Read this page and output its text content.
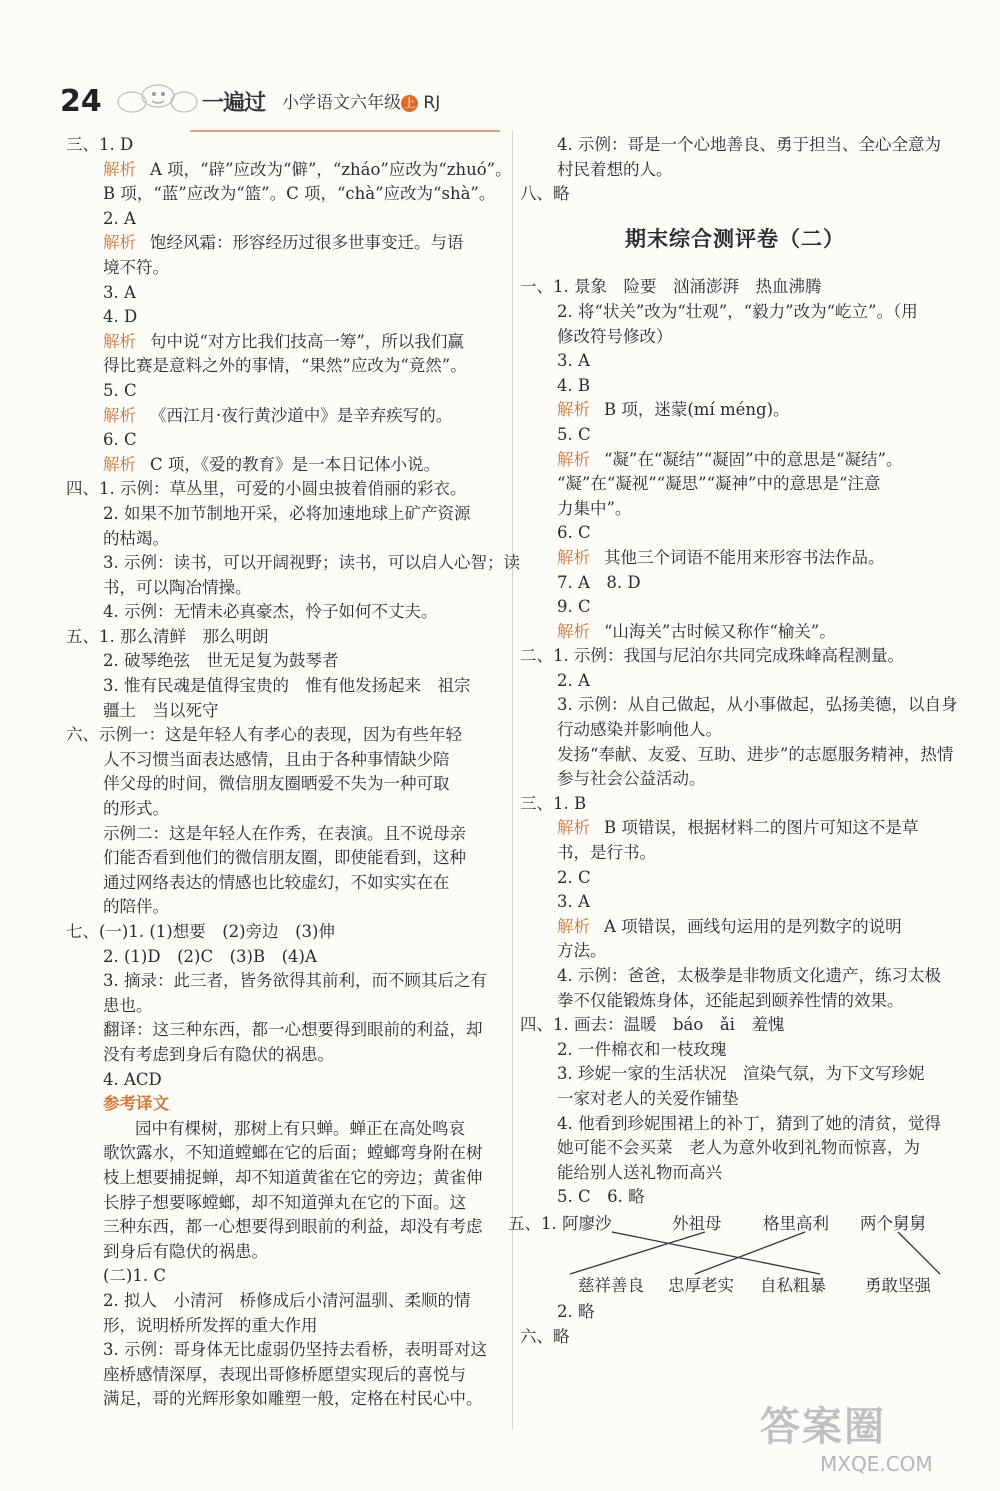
24	一遍过 小学语文六年级 上 RJ
三、1. D
解析 A 项，“辟”应改为“僻”，“zháo”应改为“zhuó”。
B 项，“蓝”应改为“篮”。C 项，“chà”应改为“shà”。
2. A
解析 饱经风霜：形容经历过很多世事变迁。与语
境不符。
3. A
4. D
解析 句中说“对方比我们技高一筹”，所以我们赢
得比赛是意料之外的事情，“果然”应改为“竟然”。
5. C
解析 《西江月·夜行黄沙道中》是辛弃疾写的。
6. C
解析 C 项，《爱的教育》是一本日记体小说。
四、1. 示例：草丛里，可爱的小圆虫披着俏丽的彩衣。
2. 如果不加节制地开采，必将加速地球上矿产资源
的枯竭。
3. 示例：读书，可以开阔视野；读书，可以启人心智；读
书，可以陶冶情操。
4. 示例：无情未必真豪杰，怜子如何不丈夫。
五、1. 那么清鲜　那么明朗
2. 破琴绝弦　世无足复为鼓琴者
3. 惟有民魂是值得宝贵的　惟有他发扬起来　祖宗
疆土　当以死守
六、示例一：这是年轻人有孝心的表现，因为有些年轻
人不习惯当面表达感情，且由于各种事情缺少陪
伴父母的时间，微信朋友圈晒爱不失为一种可取
的形式。
示例二：这是年轻人在作秀，在表演。且不说母亲
们能否看到他们的微信朋友圈，即使能看到，这种
通过网络表达的情感也比较虚幻，不如实实在在
的陪伴。
七、(一)1. (1)想要　(2)旁边　(3)伸
2. (1)D　(2)C　(3)B　(4)A
3. 摘录：此三者，皆务欲得其前利，而不顾其后之有
患也。
翻译：这三种东西，都一心想要得到眼前的利益，却
没有考虑到身后有隐伏的祸患。
4. ACD
参考译文
园中有棵树，那树上有只蝉。蝉正在高处鸣哀
歌饮露水，不知道螳螂在它的后面；螳螂弯身附在树
枝上想要捕捉蝉，却不知道黄雀在它的旁边；黄雀伸
长脖子想要啄螳螂，却不知道弹丸在它的下面。这
三种东西，都一心想要得到眼前的利益，却没有考虑
到身后有隐伏的祸患。
(二)1. C
2. 拟人　小清河　桥修成后小清河温驯、柔顺的情
形，说明桥所发挥的重大作用
3. 示例：哥身体无比虚弱仍坚持去看桥，表明哥对这
座桥感情深厚，表现出哥修桥愿望实现后的喜悦与
满足，哥的光辉形象如雕塑一般，定格在村民心中。
4. 示例：哥是一个心地善良、勇于担当、全心全意为
村民着想的人。
八、略
期末综合测评卷（二）
一、1. 景象　险要　汹涌澎湃　热血沸腾
2. 将“状关”改为“壮观”，“毅力”改为“屹立”。（用
修改符号修改）
3. A
4. B
解析 B 项，迷蒙(mí méng)。
5. C
解析 “凝”在“凝结”“凝固”中的意思是“凝结”。
“凝”在“凝视”“凝思”“凝神”中的意思是“注意
力集中”。
6. C
解析 其他三个词语不能用来形容书法作品。
7. A　8. D
9. C
解析 “山海关”古时候又称作“榆关”。
二、1. 示例：我国与尼泊尔共同完成珠峰高程测量。
2. A
3. 示例：从自己做起，从小事做起，弘扬美德，以自身
行动感染并影响他人。
发扬“奉献、友爱、互助、进步”的志愿服务精神，热情
参与社会公益活动。
三、1. B
解析 B 项错误，根据材料二的图片可知这不是草
书，是行书。
2. C
3. A
解析 A 项错误，画线句运用的是列数字的说明
方法。
4. 示例：爸爸，太极拳是非物质文化遗产，练习太极
拳不仅能锻炼身体，还能起到颐养性情的效果。
四、1. 画去：温暖　báo　ǎi　羞愧
2. 一件棉衣和一枝玫瑰
3. 珍妮一家的生活状况　渲染气氛，为下文写珍妮
一家对老人的关爱作铺垫
4. 他看到珍妮围裙上的补丁，猜到了她的清贫，觉得
她可能不会买菜　老人为意外收到礼物而惊喜，为
能给别人送礼物而高兴
5. C　6. 略
五、1. 阿廖沙	外祖母	格里高利 两个舅舅
慈祥善良 忠厚老实 自私粗暴 勇敢坚强
2. 略
六、略
答案圈
MXQE.COM
